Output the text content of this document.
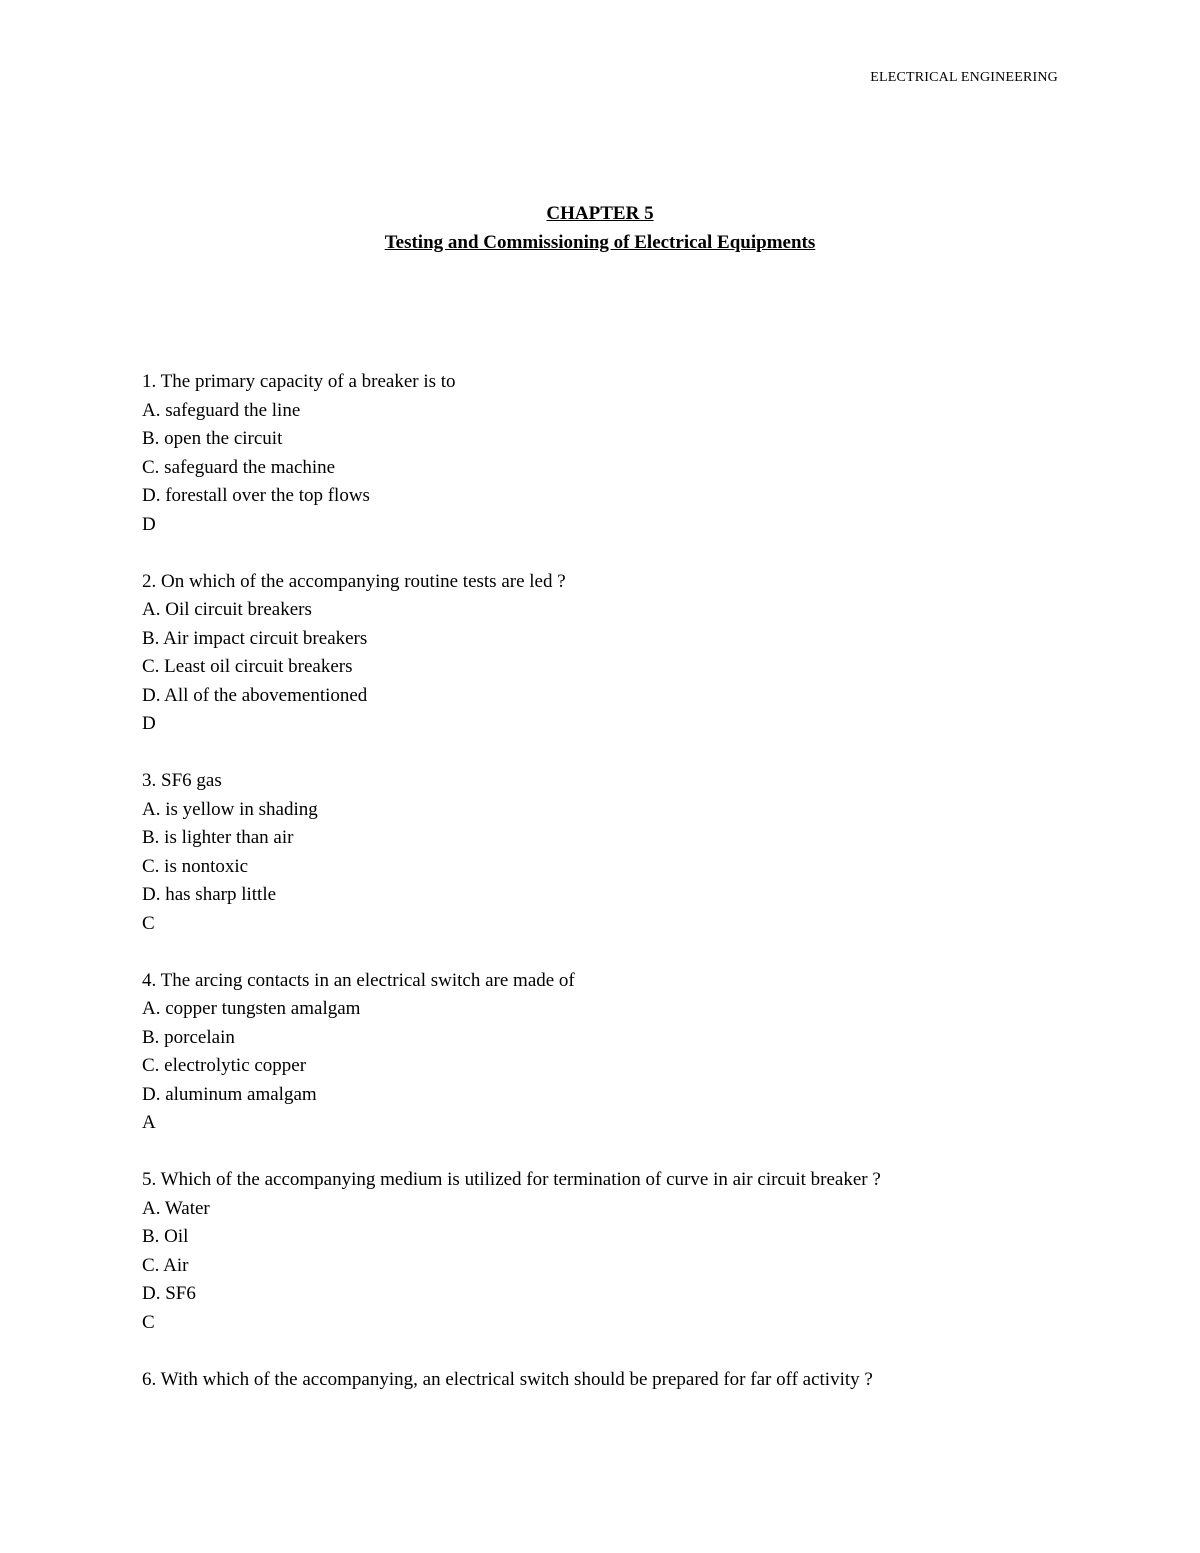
ELECTRICAL ENGINEERING
CHAPTER 5
Testing and Commissioning of Electrical Equipments
1. The primary capacity of a breaker is to
A. safeguard the line
B. open the circuit
C. safeguard the machine
D. forestall over the top flows
D
2. On which of the accompanying routine tests are led ?
A. Oil circuit breakers
B. Air impact circuit breakers
C. Least oil circuit breakers
D. All of the abovementioned
D
3. SF6 gas
A. is yellow in shading
B. is lighter than air
C. is nontoxic
D. has sharp little
C
4. The arcing contacts in an electrical switch are made of
A. copper tungsten amalgam
B. porcelain
C. electrolytic copper
D. aluminum amalgam
A
5. Which of the accompanying medium is utilized for termination of curve in air circuit breaker ?
A. Water
B. Oil
C. Air
D. SF6
C
6. With which of the accompanying, an electrical switch should be prepared for far off activity ?
